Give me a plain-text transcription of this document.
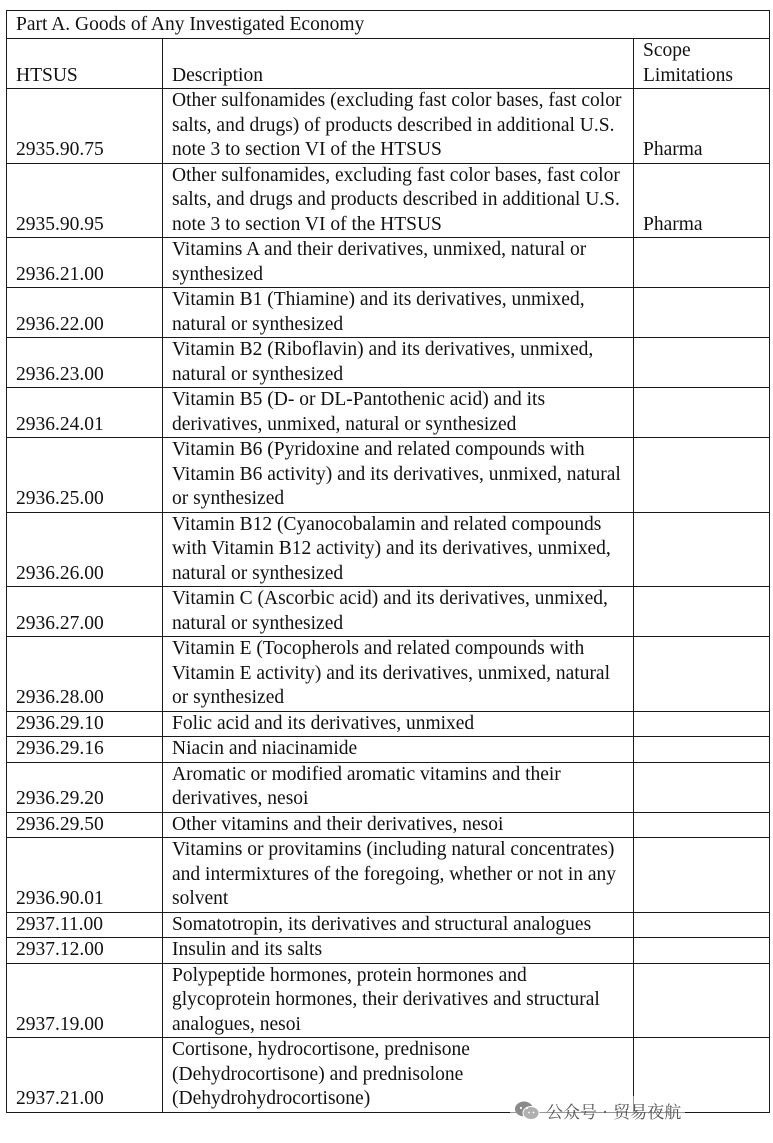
Part A. Goods of Any Investigated Economy		
HTSUS	Description	Scope Limitations
2935.90.75	Other sulfonamides (excluding fast color bases, fast color salts, and drugs) of products described in additional U.S. note 3 to section VI of the HTSUS	Pharma
2935.90.95	Other sulfonamides, excluding fast color bases, fast color salts, and drugs and products described in additional U.S. note 3 to section VI of the HTSUS	Pharma
2936.21.00	Vitamins A and their derivatives, unmixed, natural or synthesized	
2936.22.00	Vitamin B1 (Thiamine) and its derivatives, unmixed, natural or synthesized	
2936.23.00	Vitamin B2 (Riboflavin) and its derivatives, unmixed, natural or synthesized	
2936.24.01	Vitamin B5 (D- or DL-Pantothenic acid) and its derivatives, unmixed, natural or synthesized	
2936.25.00	Vitamin B6 (Pyridoxine and related compounds with Vitamin B6 activity) and its derivatives, unmixed, natural or synthesized	
2936.26.00	Vitamin B12 (Cyanocobalamin and related compounds with Vitamin B12 activity) and its derivatives, unmixed, natural or synthesized	
2936.27.00	Vitamin C (Ascorbic acid) and its derivatives, unmixed, natural or synthesized	
2936.28.00	Vitamin E (Tocopherols and related compounds with Vitamin E activity) and its derivatives, unmixed, natural or synthesized	
2936.29.10	Folic acid and its derivatives, unmixed	
2936.29.16	Niacin and niacinamide	
2936.29.20	Aromatic or modified aromatic vitamins and their derivatives, nesoi	
2936.29.50	Other vitamins and their derivatives, nesoi	
2936.90.01	Vitamins or provitamins (including natural concentrates) and intermixtures of the foregoing, whether or not in any solvent	
2937.11.00	Somatotropin, its derivatives and structural analogues	
2937.12.00	Insulin and its salts	
2937.19.00	Polypeptide hormones, protein hormones and glycoprotein hormones, their derivatives and structural analogues, nesoi	
2937.21.00	Cortisone, hydrocortisone, prednisone (Dehydrocortisone) and prednisolone (Dehydrohydrocortisone)	
公众号 · 贸易夜航
